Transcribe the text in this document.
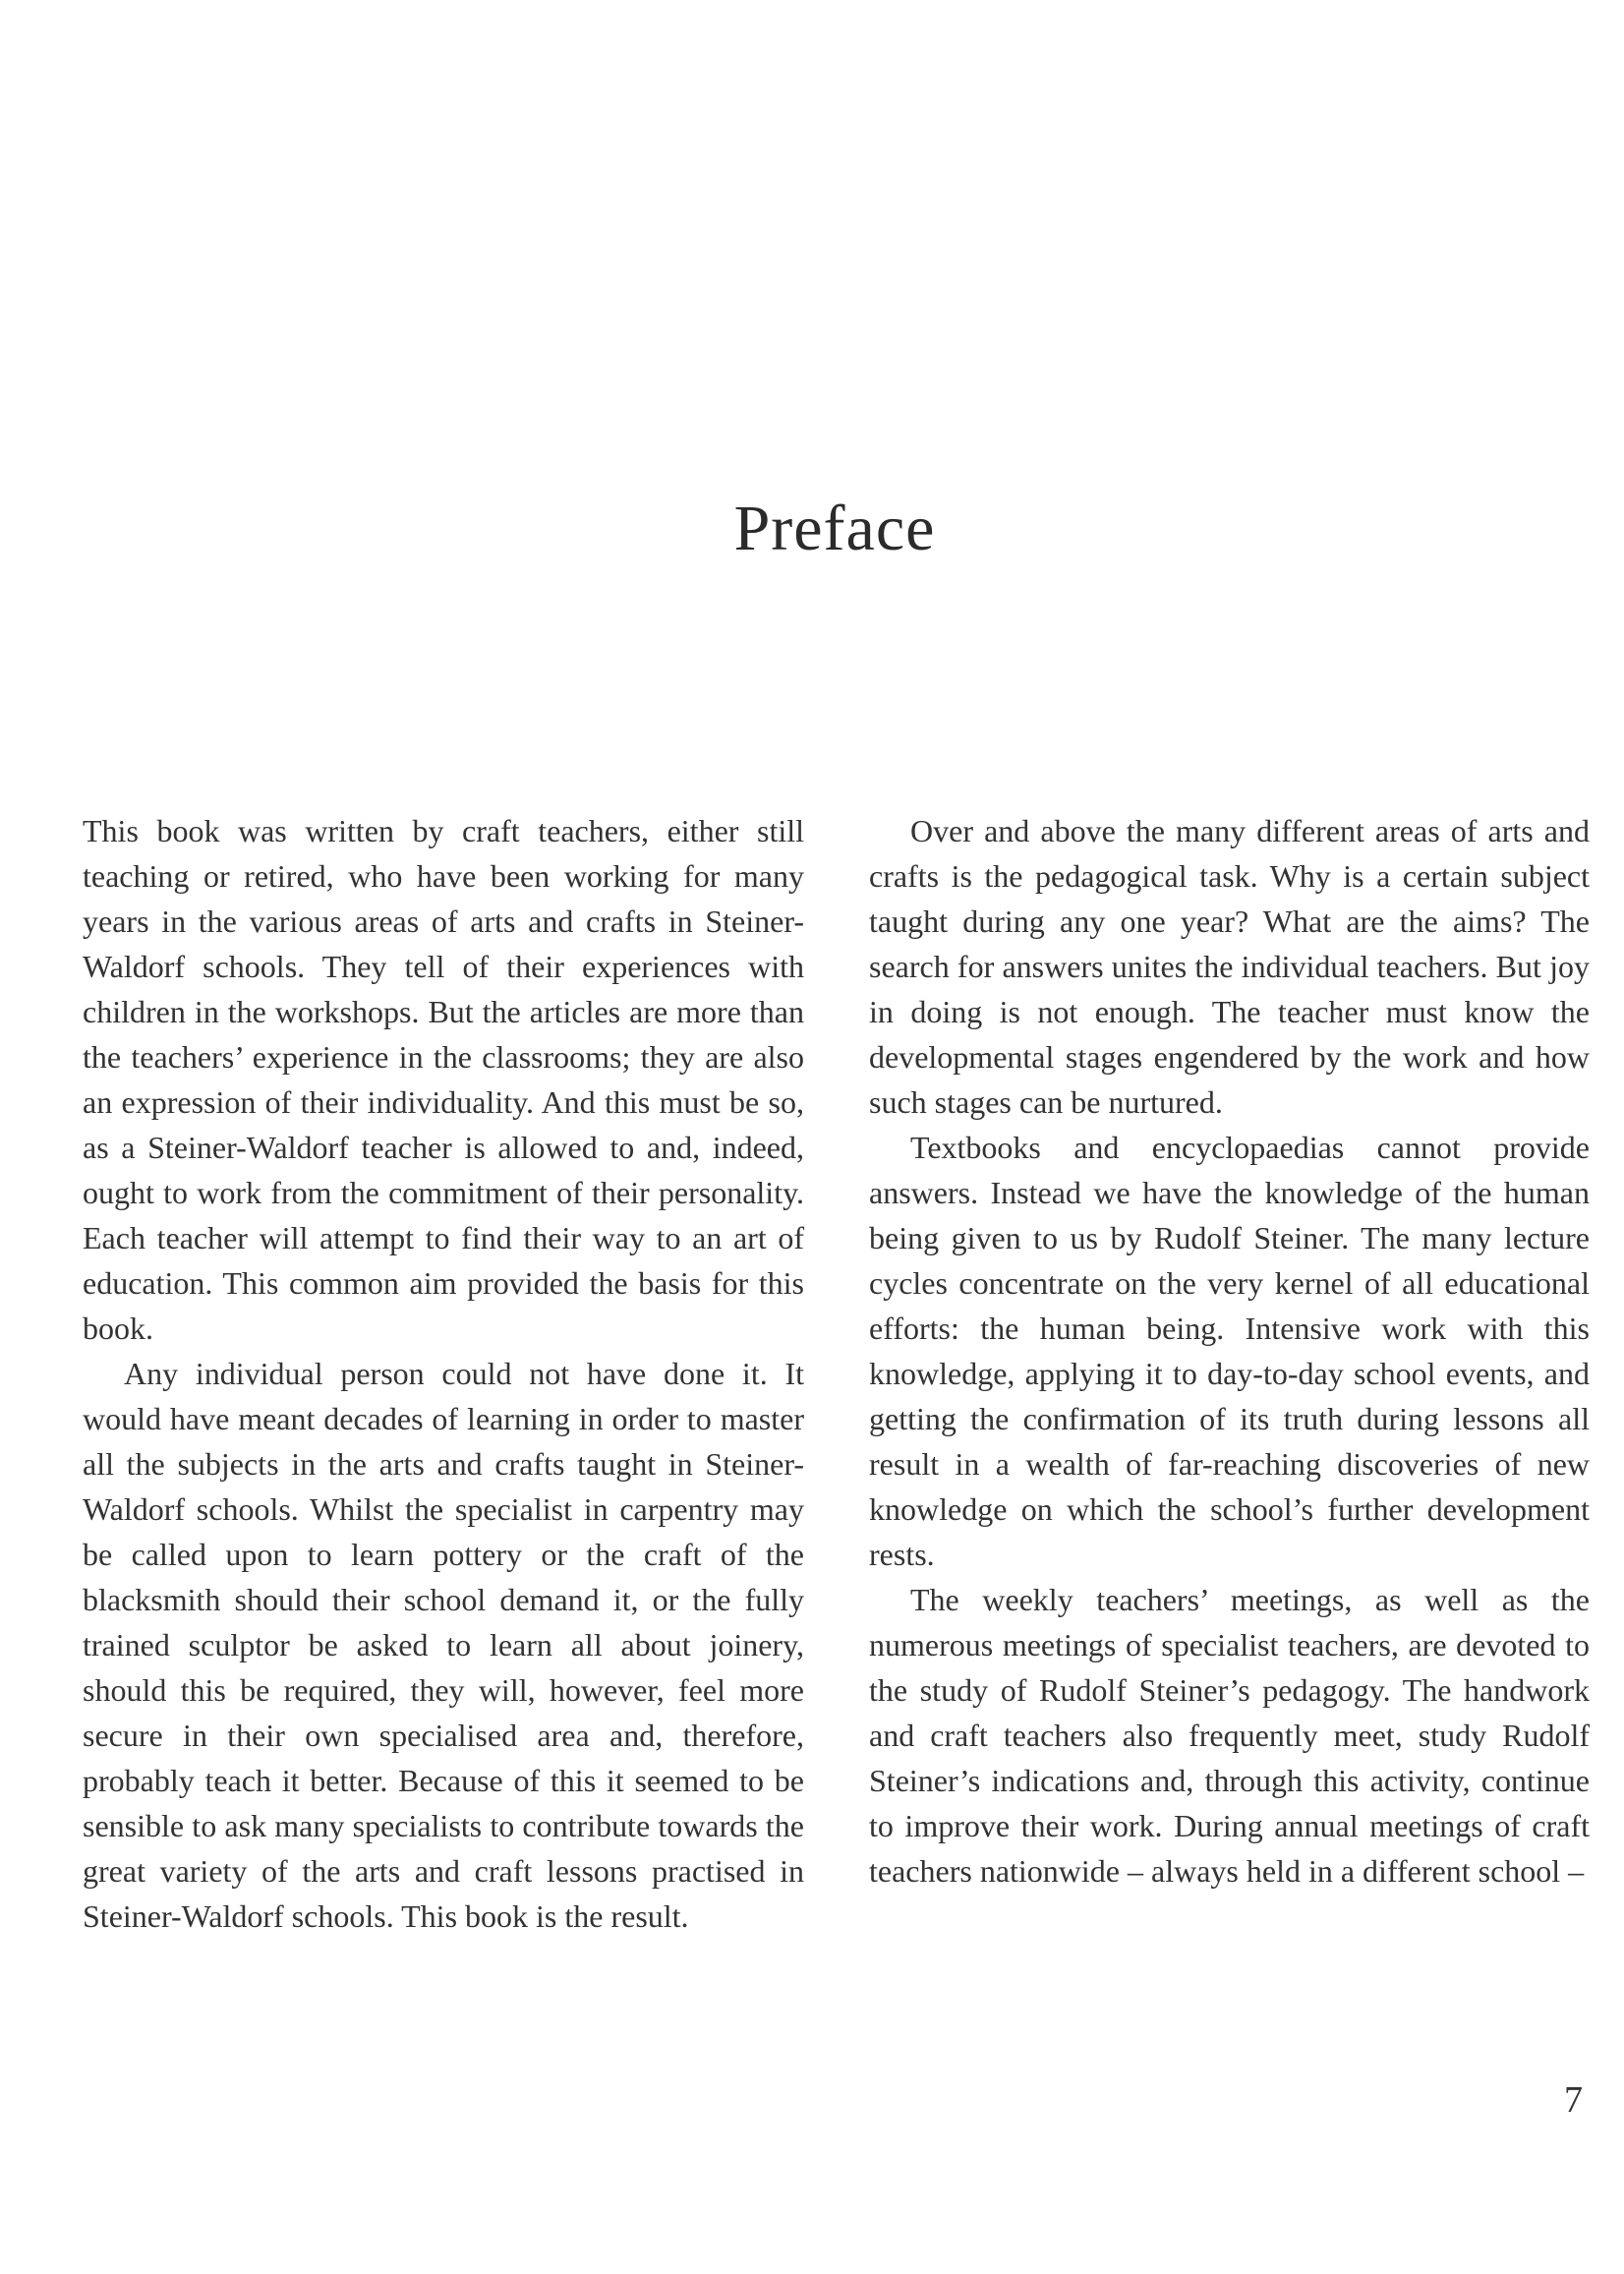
Preface

This book was written by craft teachers, either still teaching or retired, who have been working for many years in the various areas of arts and crafts in Steiner-Waldorf schools. They tell of their experiences with children in the workshops. But the articles are more than the teachers’ experience in the classrooms; they are also an expression of their individuality. And this must be so, as a Steiner-Waldorf teacher is allowed to and, indeed, ought to work from the commitment of their personality. Each teacher will attempt to find their way to an art of education. This common aim provided the basis for this book.

Any individual person could not have done it. It would have meant decades of learning in order to master all the subjects in the arts and crafts taught in Steiner-Waldorf schools. Whilst the specialist in carpentry may be called upon to learn pottery or the craft of the blacksmith should their school demand it, or the fully trained sculptor be asked to learn all about joinery, should this be required, they will, however, feel more secure in their own specialised area and, therefore, probably teach it better. Because of this it seemed to be sensible to ask many specialists to contribute towards the great variety of the arts and craft lessons practised in Steiner-Waldorf schools. This book is the result.

Over and above the many different areas of arts and crafts is the pedagogical task. Why is a certain subject taught during any one year? What are the aims? The search for answers unites the individual teachers. But joy in doing is not enough. The teacher must know the developmental stages engendered by the work and how such stages can be nurtured.

Textbooks and encyclopaedias cannot provide answers. Instead we have the knowledge of the human being given to us by Rudolf Steiner. The many lecture cycles concentrate on the very kernel of all educational efforts: the human being. Intensive work with this knowledge, applying it to day-to-day school events, and getting the confirmation of its truth during lessons all result in a wealth of far-reaching discoveries of new knowledge on which the school’s further development rests.

The weekly teachers’ meetings, as well as the numerous meetings of specialist teachers, are devoted to the study of Rudolf Steiner’s pedagogy. The handwork and craft teachers also frequently meet, study Rudolf Steiner’s indications and, through this activity, continue to improve their work. During annual meetings of craft teachers nationwide – always held in a different school –

7
